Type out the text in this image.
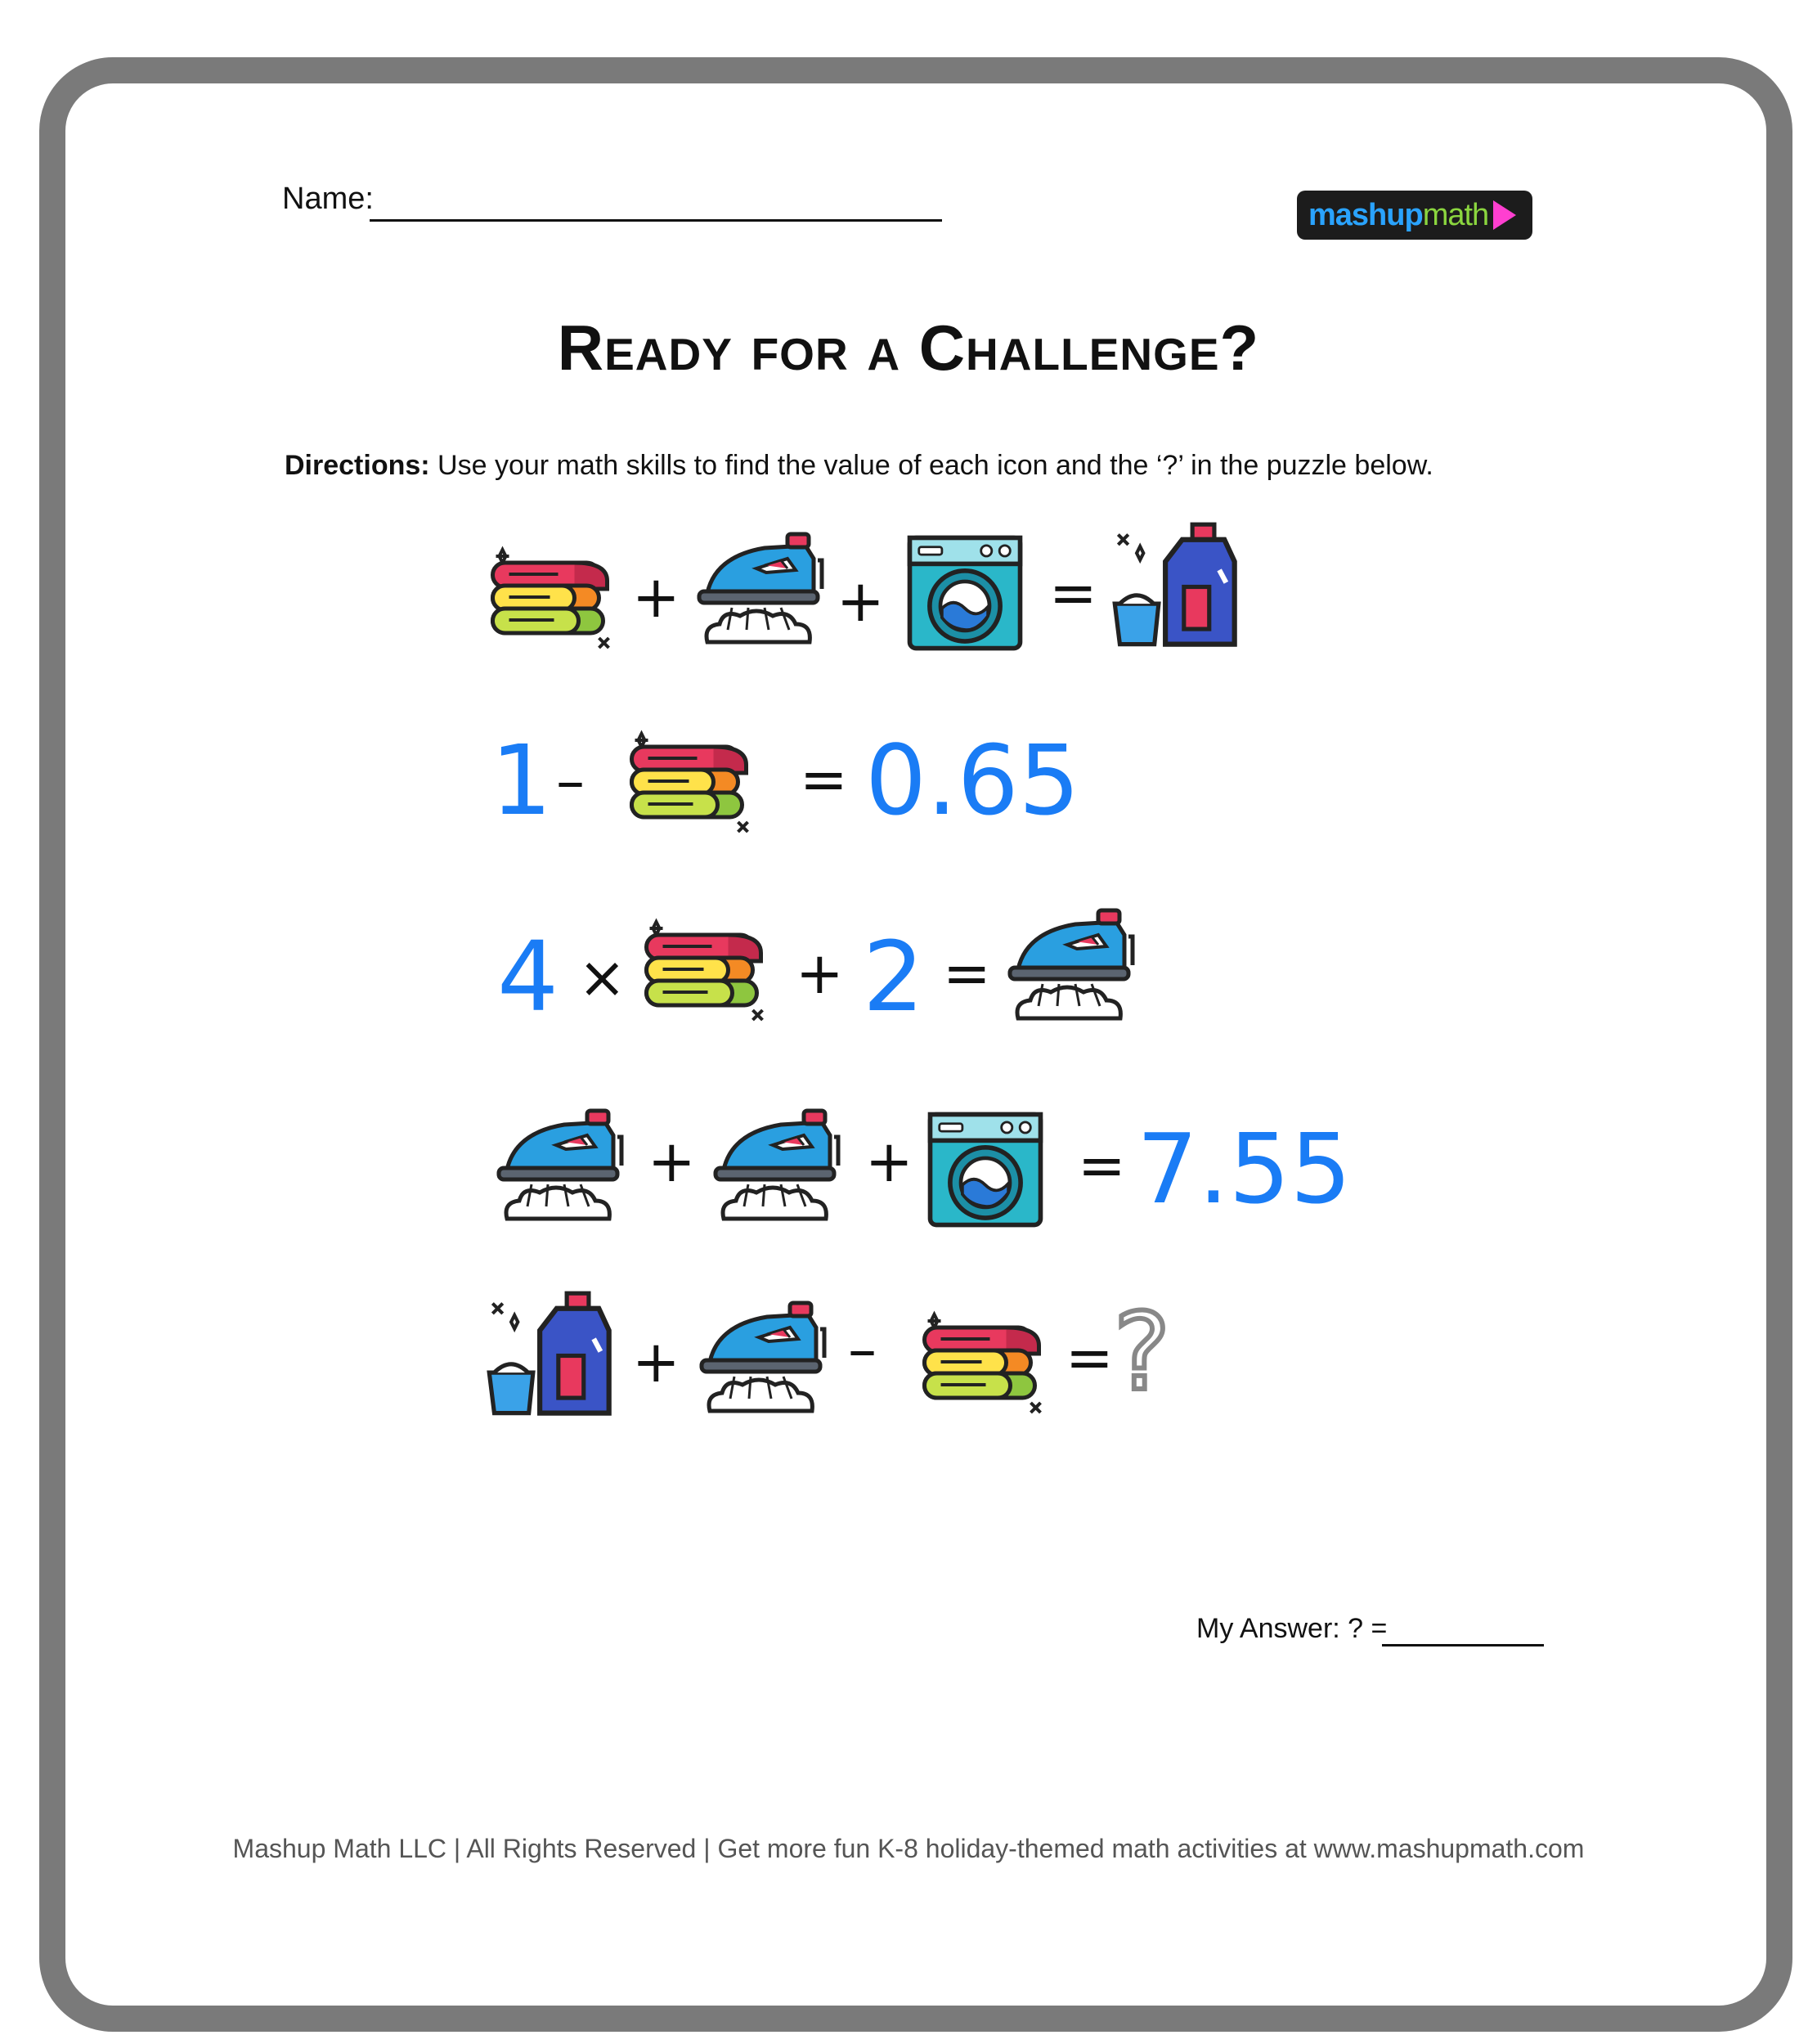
Name:	mashup math
Ready for a Challenge?
Directions: Use your math skills to find the value of each icon and the ‘?’ in the puzzle below.
+	+	=
1 –	= 0.65
4 ×	+ 2 =
+	+	= 7.55
+	–	= ?
My Answer: ? =
Mashup Math LLC | All Rights Reserved | Get more fun K-8 holiday-themed math activities at www.mashupmath.com
